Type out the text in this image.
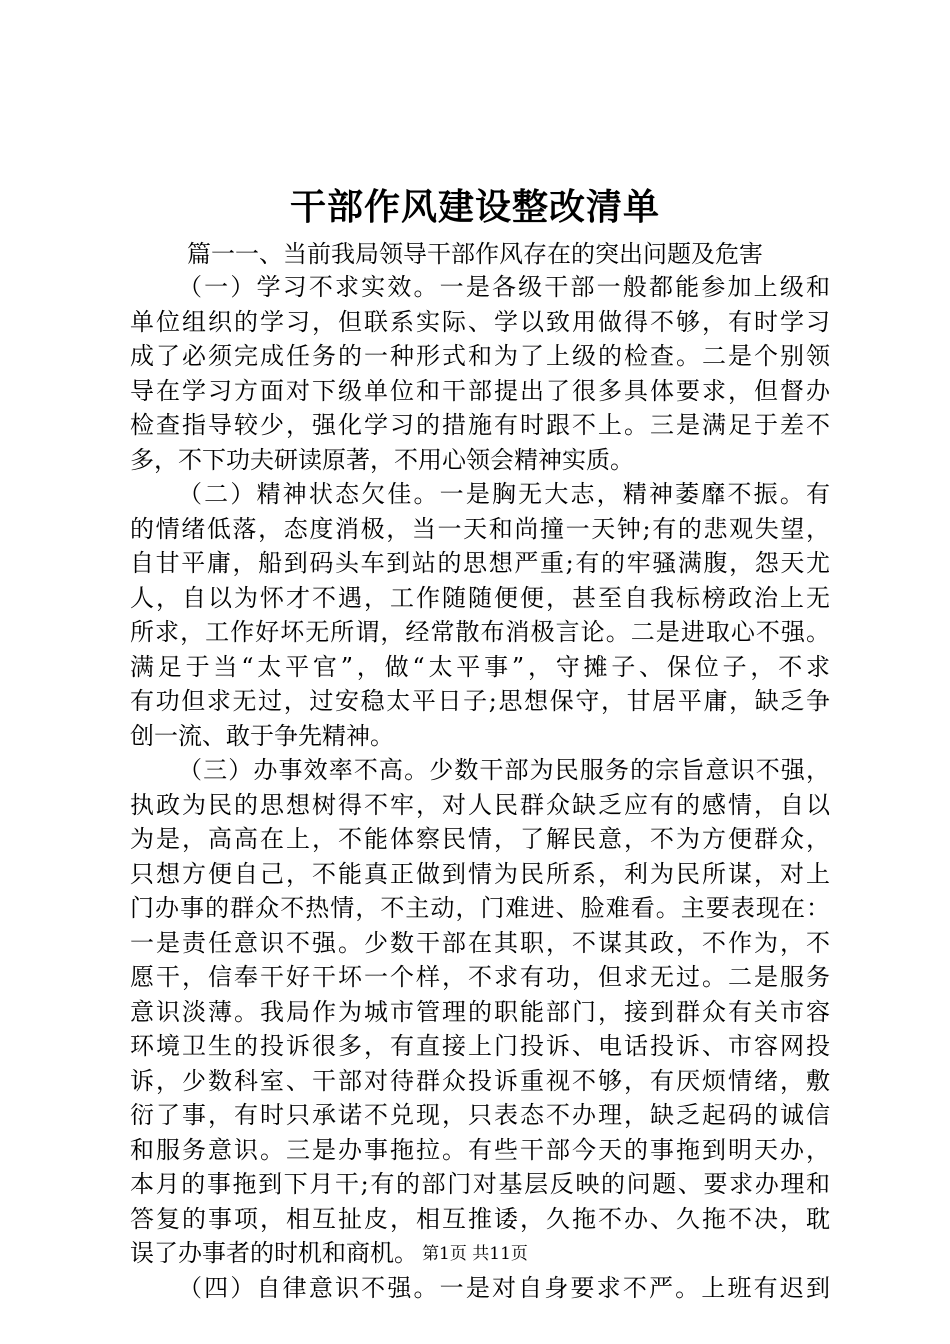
干部作风建设整改清单
篇一一、当前我局领导干部作风存在的突出问题及危害
（一）学习不求实效。一是各级干部一般都能参加上级和
单位组织的学习，但联系实际、学以致用做得不够，有时学习
成了必须完成任务的一种形式和为了上级的检查。二是个别领
导在学习方面对下级单位和干部提出了很多具体要求，但督办
检查指导较少，强化学习的措施有时跟不上。三是满足于差不
多，不下功夫研读原著，不用心领会精神实质。
（二）精神状态欠佳。一是胸无大志，精神萎靡不振。有
的情绪低落，态度消极，当一天和尚撞一天钟;有的悲观失望，
自甘平庸，船到码头车到站的思想严重;有的牢骚满腹，怨天尤
人，自以为怀才不遇，工作随随便便，甚至自我标榜政治上无
所求，工作好坏无所谓，经常散布消极言论。二是进取心不强。
满足于当“太平官”，做“太平事”，守摊子、保位子，不求
有功但求无过，过安稳太平日子;思想保守，甘居平庸，缺乏争
创一流、敢于争先精神。
（三）办事效率不高。少数干部为民服务的宗旨意识不强，
执政为民的思想树得不牢，对人民群众缺乏应有的感情，自以
为是，高高在上，不能体察民情，了解民意，不为方便群众，
只想方便自己，不能真正做到情为民所系，利为民所谋，对上
门办事的群众不热情，不主动，门难进、脸难看。主要表现在：
一是责任意识不强。少数干部在其职，不谋其政，不作为，不
愿干，信奉干好干坏一个样，不求有功，但求无过。二是服务
意识淡薄。我局作为城市管理的职能部门，接到群众有关市容
环境卫生的投诉很多，有直接上门投诉、电话投诉、市容网投
诉，少数科室、干部对待群众投诉重视不够，有厌烦情绪，敷
衍了事，有时只承诺不兑现，只表态不办理，缺乏起码的诚信
和服务意识。三是办事拖拉。有些干部今天的事拖到明天办，
本月的事拖到下月干;有的部门对基层反映的问题、要求办理和
答复的事项，相互扯皮，相互推诿，久拖不办、久拖不决，耽
误了办事者的时机和商机。
（四）自律意识不强。一是对自身要求不严。上班有迟到
第1页 共11页
